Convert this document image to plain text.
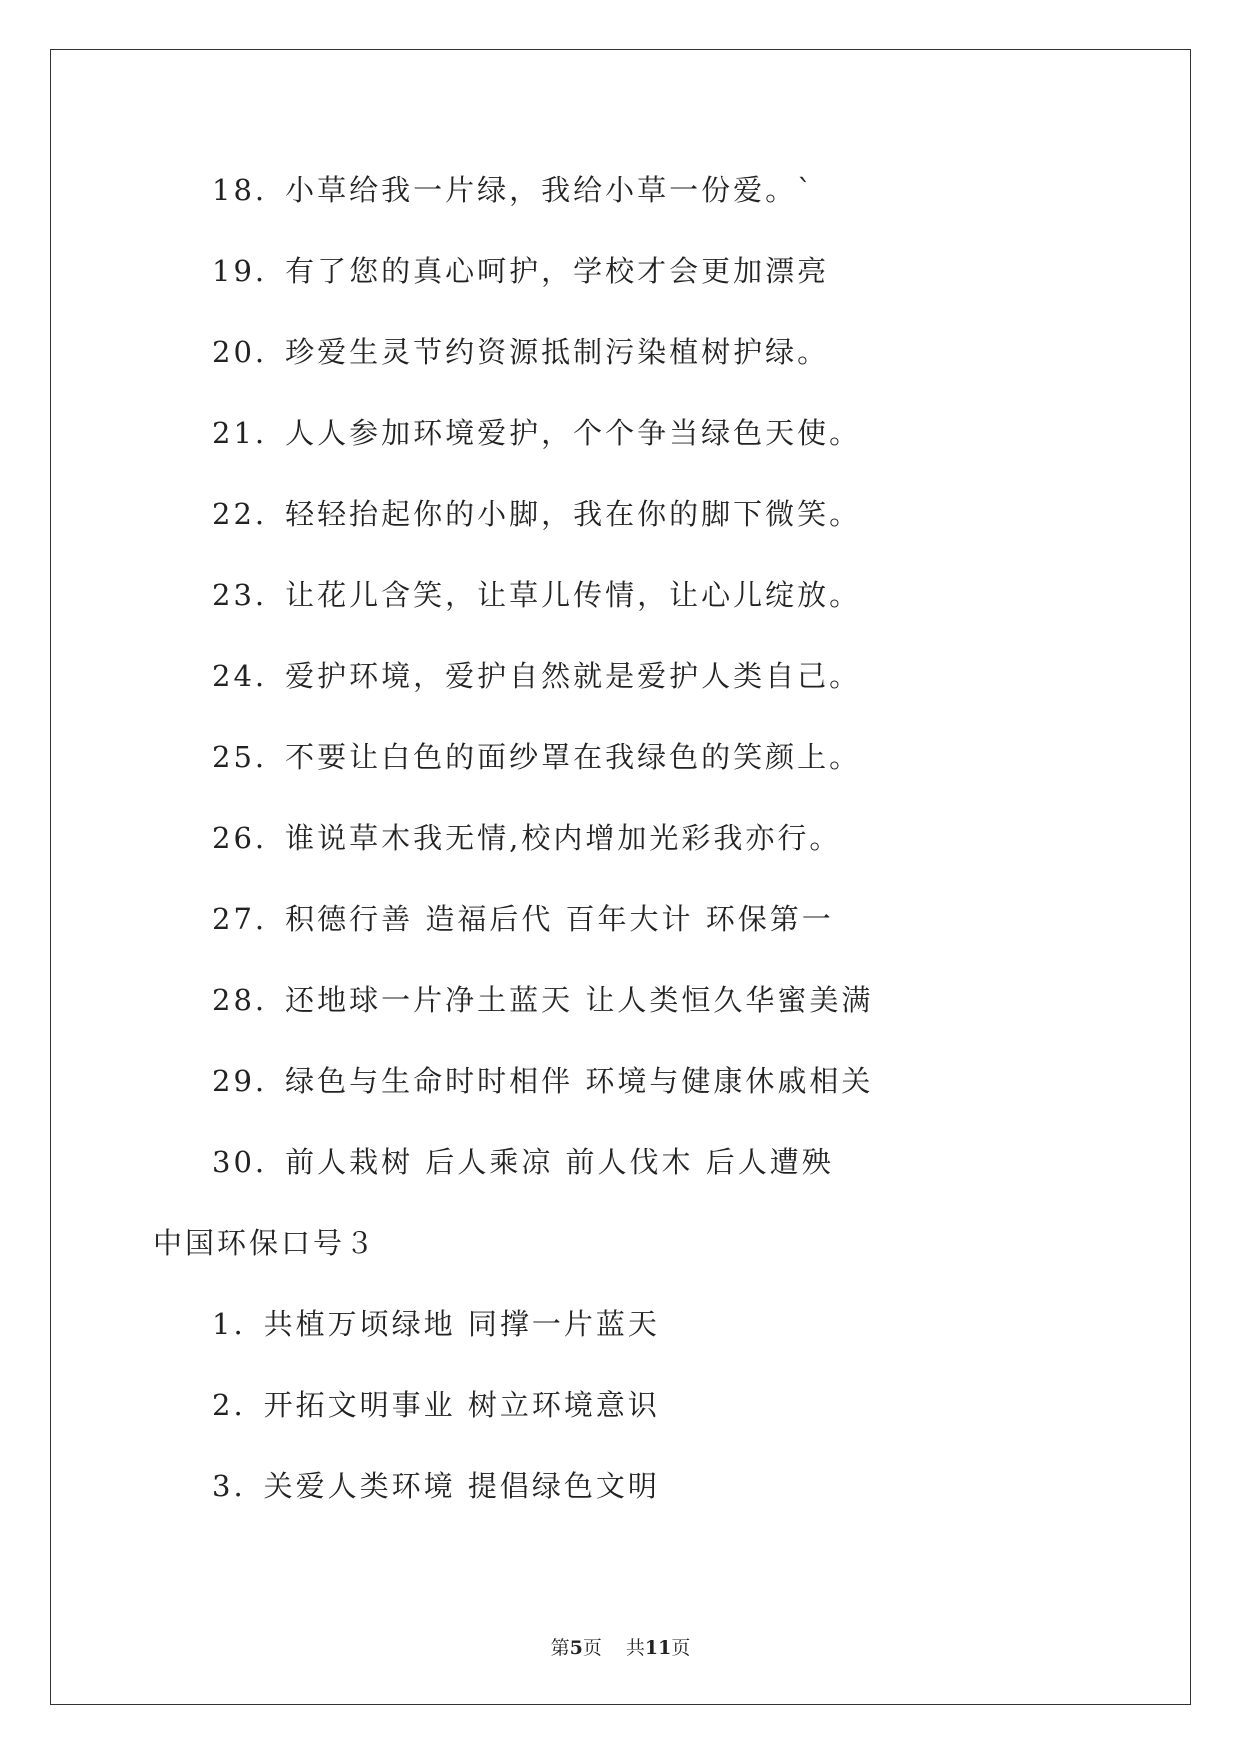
18. 小草给我一片绿，我给小草一份爱。`
19. 有了您的真心呵护，学校才会更加漂亮
20. 珍爱生灵节约资源抵制污染植树护绿。
21. 人人参加环境爱护，个个争当绿色天使。
22. 轻轻抬起你的小脚，我在你的脚下微笑。
23. 让花儿含笑，让草儿传情，让心儿绽放。
24. 爱护环境，爱护自然就是爱护人类自己。
25. 不要让白色的面纱罩在我绿色的笑颜上。
26. 谁说草木我无情,校内增加光彩我亦行。
27. 积德行善 造福后代 百年大计 环保第一
28. 还地球一片净土蓝天 让人类恒久华蜜美满
29. 绿色与生命时时相伴 环境与健康休戚相关
30. 前人栽树 后人乘凉 前人伐木 后人遭殃
中国环保口号３
1. 共植万顷绿地 同撑一片蓝天
2. 开拓文明事业 树立环境意识
3. 关爱人类环境 提倡绿色文明
第5页 共11页
